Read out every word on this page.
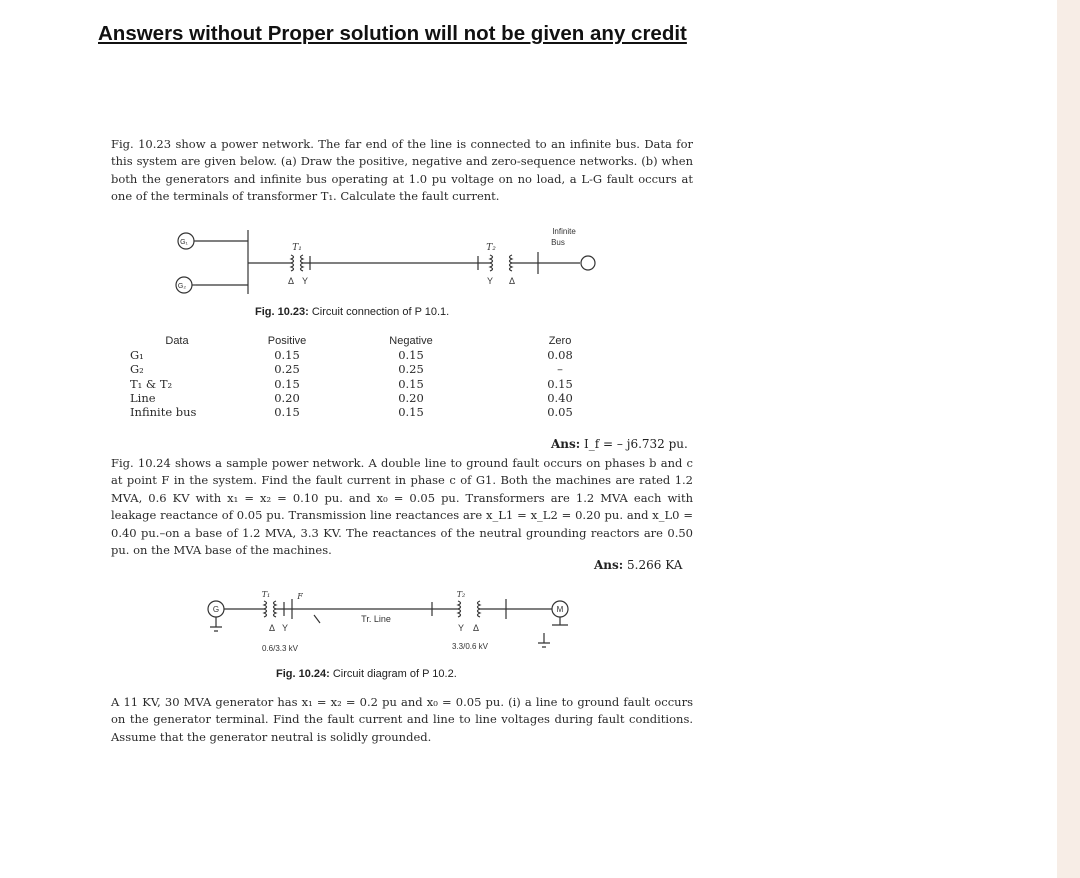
Answers without Proper solution will not be given any credit
Fig. 10.23 show a power network. The far end of the line is connected to an infinite bus. Data for this system are given below. (a) Draw the positive, negative and zero-sequence networks. (b) when both the generators and infinite bus operating at 1.0 pu voltage on no load, a L-G fault occurs at one of the terminals of transformer T₁. Calculate the fault current.
G₁
G₂
T₁	T₂
Δ Y	Y Δ
Infinite
Bus
Fig. 10.23: Circuit connection of P 10.1.
Data	Positive	Negative	Zero
G₁	0.15	0.15	0.08
G₂	0.25	0.25	–
T₁ & T₂	0.15	0.15	0.15
Line	0.20	0.20	0.40
Infinite bus	0.15	0.15	0.05
Ans: I_f = – j6.732 pu.
Fig. 10.24 shows a sample power network. A double line to ground fault occurs on phases b and c at point F in the system. Find the fault current in phase c of G1. Both the machines are rated 1.2 MVA, 0.6 KV with x₁ = x₂ = 0.10 pu. and x₀ = 0.05 pu. Transformers are 1.2 MVA each with leakage reactance of 0.05 pu. Transmission line reactances are x_L1 = x_L2 = 0.20 pu. and x_L0 = 0.40 pu.–on a base of 1.2 MVA, 3.3 KV. The reactances of the neutral grounding reactors are 0.50 pu. on the MVA base of the machines.
Ans: 5.266 KA
G	M
T₁	T₂
F
Tr. Line
Δ Y	Y Δ
0.6/3.3 kV	3.3/0.6 kV
Fig. 10.24: Circuit diagram of P 10.2.
A 11 KV, 30 MVA generator has x₁ = x₂ = 0.2 pu and x₀ = 0.05 pu. (i) a line to ground fault occurs on the generator terminal. Find the fault current and line to line voltages during fault conditions. Assume that the generator neutral is solidly grounded.
